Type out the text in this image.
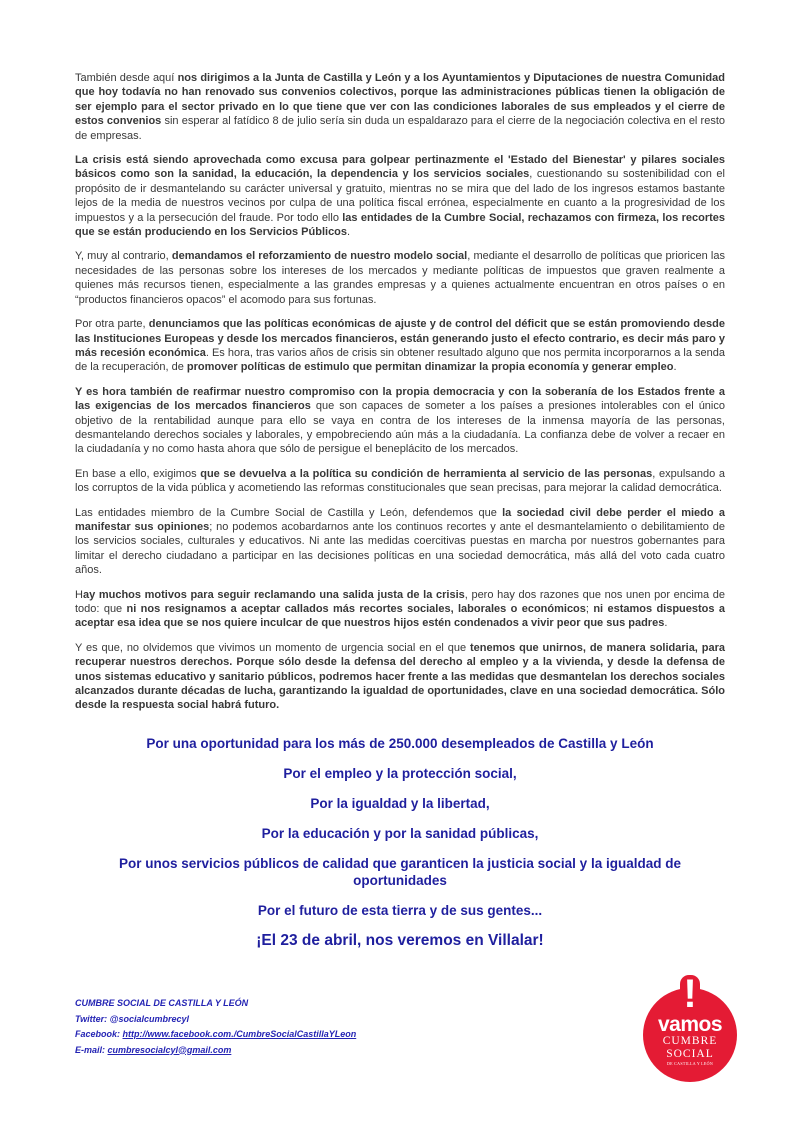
También desde aquí nos dirigimos a la Junta de Castilla y León y a los Ayuntamientos y Diputaciones de nuestra Comunidad que hoy todavía no han renovado sus convenios colectivos, porque las administraciones públicas tienen la obligación de ser ejemplo para el sector privado en lo que tiene que ver con las condiciones laborales de sus empleados y el cierre de estos convenios sin esperar al fatídico 8 de julio sería sin duda un espaldarazo para el cierre de la negociación colectiva en el resto de empresas.

La crisis está siendo aprovechada como excusa para golpear pertinazmente el 'Estado del Bienestar' y pilares sociales básicos como son la sanidad, la educación, la dependencia y los servicios sociales, cuestionando su sostenibilidad con el propósito de ir desmantelando su carácter universal y gratuito, mientras no se mira que del lado de los ingresos estamos bastante lejos de la media de nuestros vecinos por culpa de una política fiscal errónea, especialmente en cuanto a la progresividad de los impuestos y a la persecución del fraude. Por todo ello las entidades de la Cumbre Social, rechazamos con firmeza, los recortes que se están produciendo en los Servicios Públicos.

Y, muy al contrario, demandamos el reforzamiento de nuestro modelo social, mediante el desarrollo de políticas que prioricen las necesidades de las personas sobre los intereses de los mercados y mediante políticas de impuestos que graven realmente a quienes más recursos tienen, especialmente a las grandes empresas y a quienes actualmente encuentran en otros países o en “productos financieros opacos” el acomodo para sus fortunas.

Por otra parte, denunciamos que las políticas económicas de ajuste y de control del déficit que se están promoviendo desde las Instituciones Europeas y desde los mercados financieros, están generando justo el efecto contrario, es decir más paro y más recesión económica. Es hora, tras varios años de crisis sin obtener resultado alguno que nos permita incorporarnos a la senda de la recuperación, de promover políticas de estimulo que permitan dinamizar la propia economía y generar empleo.

Y es hora también de reafirmar nuestro compromiso con la propia democracia y con la soberanía de los Estados frente a las exigencias de los mercados financieros que son capaces de someter a los países a presiones intolerables con el único objetivo de la rentabilidad aunque para ello se vaya en contra de los intereses de la inmensa mayoría de las personas, desmantelando derechos sociales y laborales, y empobreciendo aún más a la ciudadanía. La confianza debe de volver a recaer en la ciudadanía y no como hasta ahora que sólo de persigue el beneplácito de los mercados.

En base a ello, exigimos que se devuelva a la política su condición de herramienta al servicio de las personas, expulsando a los corruptos de la vida pública y acometiendo las reformas constitucionales que sean precisas, para mejorar la calidad democrática.

Las entidades miembro de la Cumbre Social de Castilla y León, defendemos que la sociedad civil debe perder el miedo a manifestar sus opiniones; no podemos acobardarnos ante los continuos recortes y ante el desmantelamiento o debilitamiento de los servicios sociales, culturales y educativos. Ni ante las medidas coercitivas puestas en marcha por nuestros gobernantes para limitar el derecho ciudadano a participar en las decisiones políticas en una sociedad democrática, más allá del voto cada cuatro años.

Hay muchos motivos para seguir reclamando una salida justa de la crisis, pero hay dos razones que nos unen por encima de todo: que ni nos resignamos a aceptar callados más recortes sociales, laborales o económicos; ni estamos dispuestos a aceptar esa idea que se nos quiere inculcar de que nuestros hijos estén condenados a vivir peor que sus padres.

Y es que, no olvidemos que vivimos un momento de urgencia social en el que tenemos que unirnos, de manera solidaria, para recuperar nuestros derechos. Porque sólo desde la defensa del derecho al empleo y a la vivienda, y desde la defensa de unos sistemas educativo y sanitario públicos, podremos hacer frente a las medidas que desmantelan los derechos sociales alcanzados durante décadas de lucha, garantizando la igualdad de oportunidades, clave en una sociedad democrática. Sólo desde la respuesta social habrá futuro.

Por una oportunidad para los más de 250.000 desempleados de Castilla y León
Por el empleo y la protección social,
Por la igualdad y la libertad,
Por la educación y por la sanidad públicas,
Por unos servicios públicos de calidad que garanticen la justicia social y la igualdad de oportunidades
Por el futuro de esta tierra y de sus gentes...
¡El 23 de abril, nos veremos en Villalar!
CUMBRE SOCIAL DE CASTILLA Y LEÓN
Twitter: @socialcumbrecyl
Facebook: http://www.facebook.com./CumbreSocialCastillaYLeon
E-mail: cumbresocialcyl@gmail.com
vamos
CUMBRE
SOCIAL
DE CASTILLA Y LEÓN
!
